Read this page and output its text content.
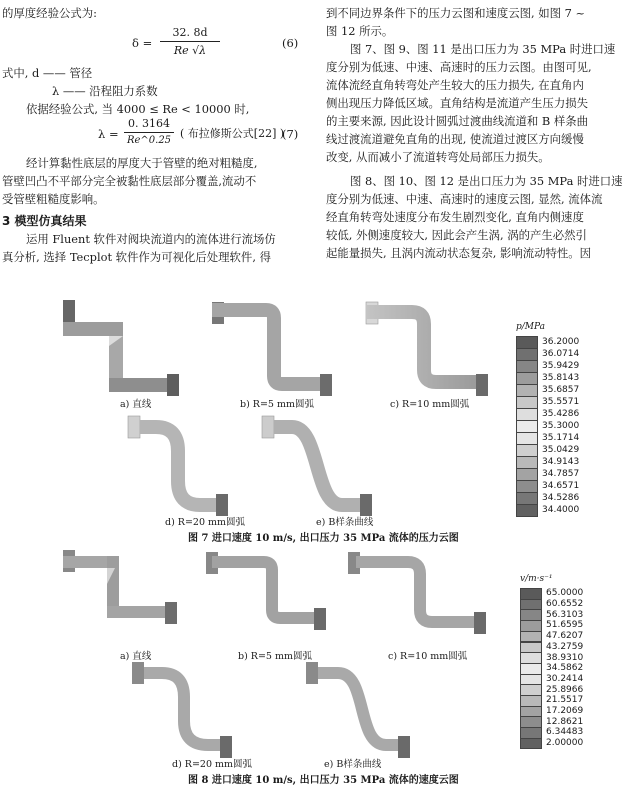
的厚度经验公式为:
δ =
32. 8d
Re √λ
(6)
式中, d —— 管径
λ —— 沿程阻力系数
依据经验公式, 当 4000 ≤ Re < 10000 时,
λ =
0. 3164
Re^0.25
( 布拉修斯公式[22] )
(7)
经计算黏性底层的厚度大于管壁的绝对粗糙度,
管壁凹凸不平部分完全被黏性底层部分覆盖,流动不
受管壁粗糙度影响。
3 模型仿真结果
运用 Fluent 软件对阀块流道内的流体进行流场仿
真分析, 选择 Tecplot 软件作为可视化后处理软件, 得
到不同边界条件下的压力云图和速度云图, 如图 7 ~
图 12 所示。
图 7、图 9、图 11 是出口压力为 35 MPa 时进口速
度分别为低速、中速、高速时的压力云图。由图可见,
流体流经直角转弯处产生较大的压力损失, 在直角内
侧出现压力降低区域。直角结构是流道产生压力损失
的主要来源, 因此设计圆弧过渡曲线流道和 B 样条曲
线过渡流道避免直角的出现, 使流道过渡区方向缓慢
改变, 从而减小了流道转弯处局部压力损失。
图 8、图 10、图 12 是出口压力为 35 MPa 时进口速
度分别为低速、中速、高速时的速度云图, 显然, 流体流
经直角转弯处速度分布发生剧烈变化, 直角内侧速度
较低, 外侧速度较大, 因此会产生涡, 涡的产生必然引
起能量损失, 且涡内流动状态复杂, 影响流动特性。因
a) 直线	b) R=5 mm圆弧	c) R=10 mm圆弧
d) R=20 mm圆弧	e) B样条曲线
图 7 进口速度 10 m/s, 出口压力 35 MPa 流体的压力云图
p/MPa
36.2000
36.0714
35.9429
35.8143
35.6857
35.5571
35.4286
35.3000
35.1714
35.0429
34.9143
34.7857
34.6571
34.5286
34.4000
a) 直线	b) R=5 mm圆弧	c) R=10 mm圆弧
d) R=20 mm圆弧	e) B样条曲线
图 8 进口速度 10 m/s, 出口压力 35 MPa 流体的速度云图
v/m·s⁻¹
65.0000
60.6552
56.3103
51.6595
47.6207
43.2759
38.9310
34.5862
30.2414
25.8966
21.5517
17.2069
12.8621
6.34483
2.00000
